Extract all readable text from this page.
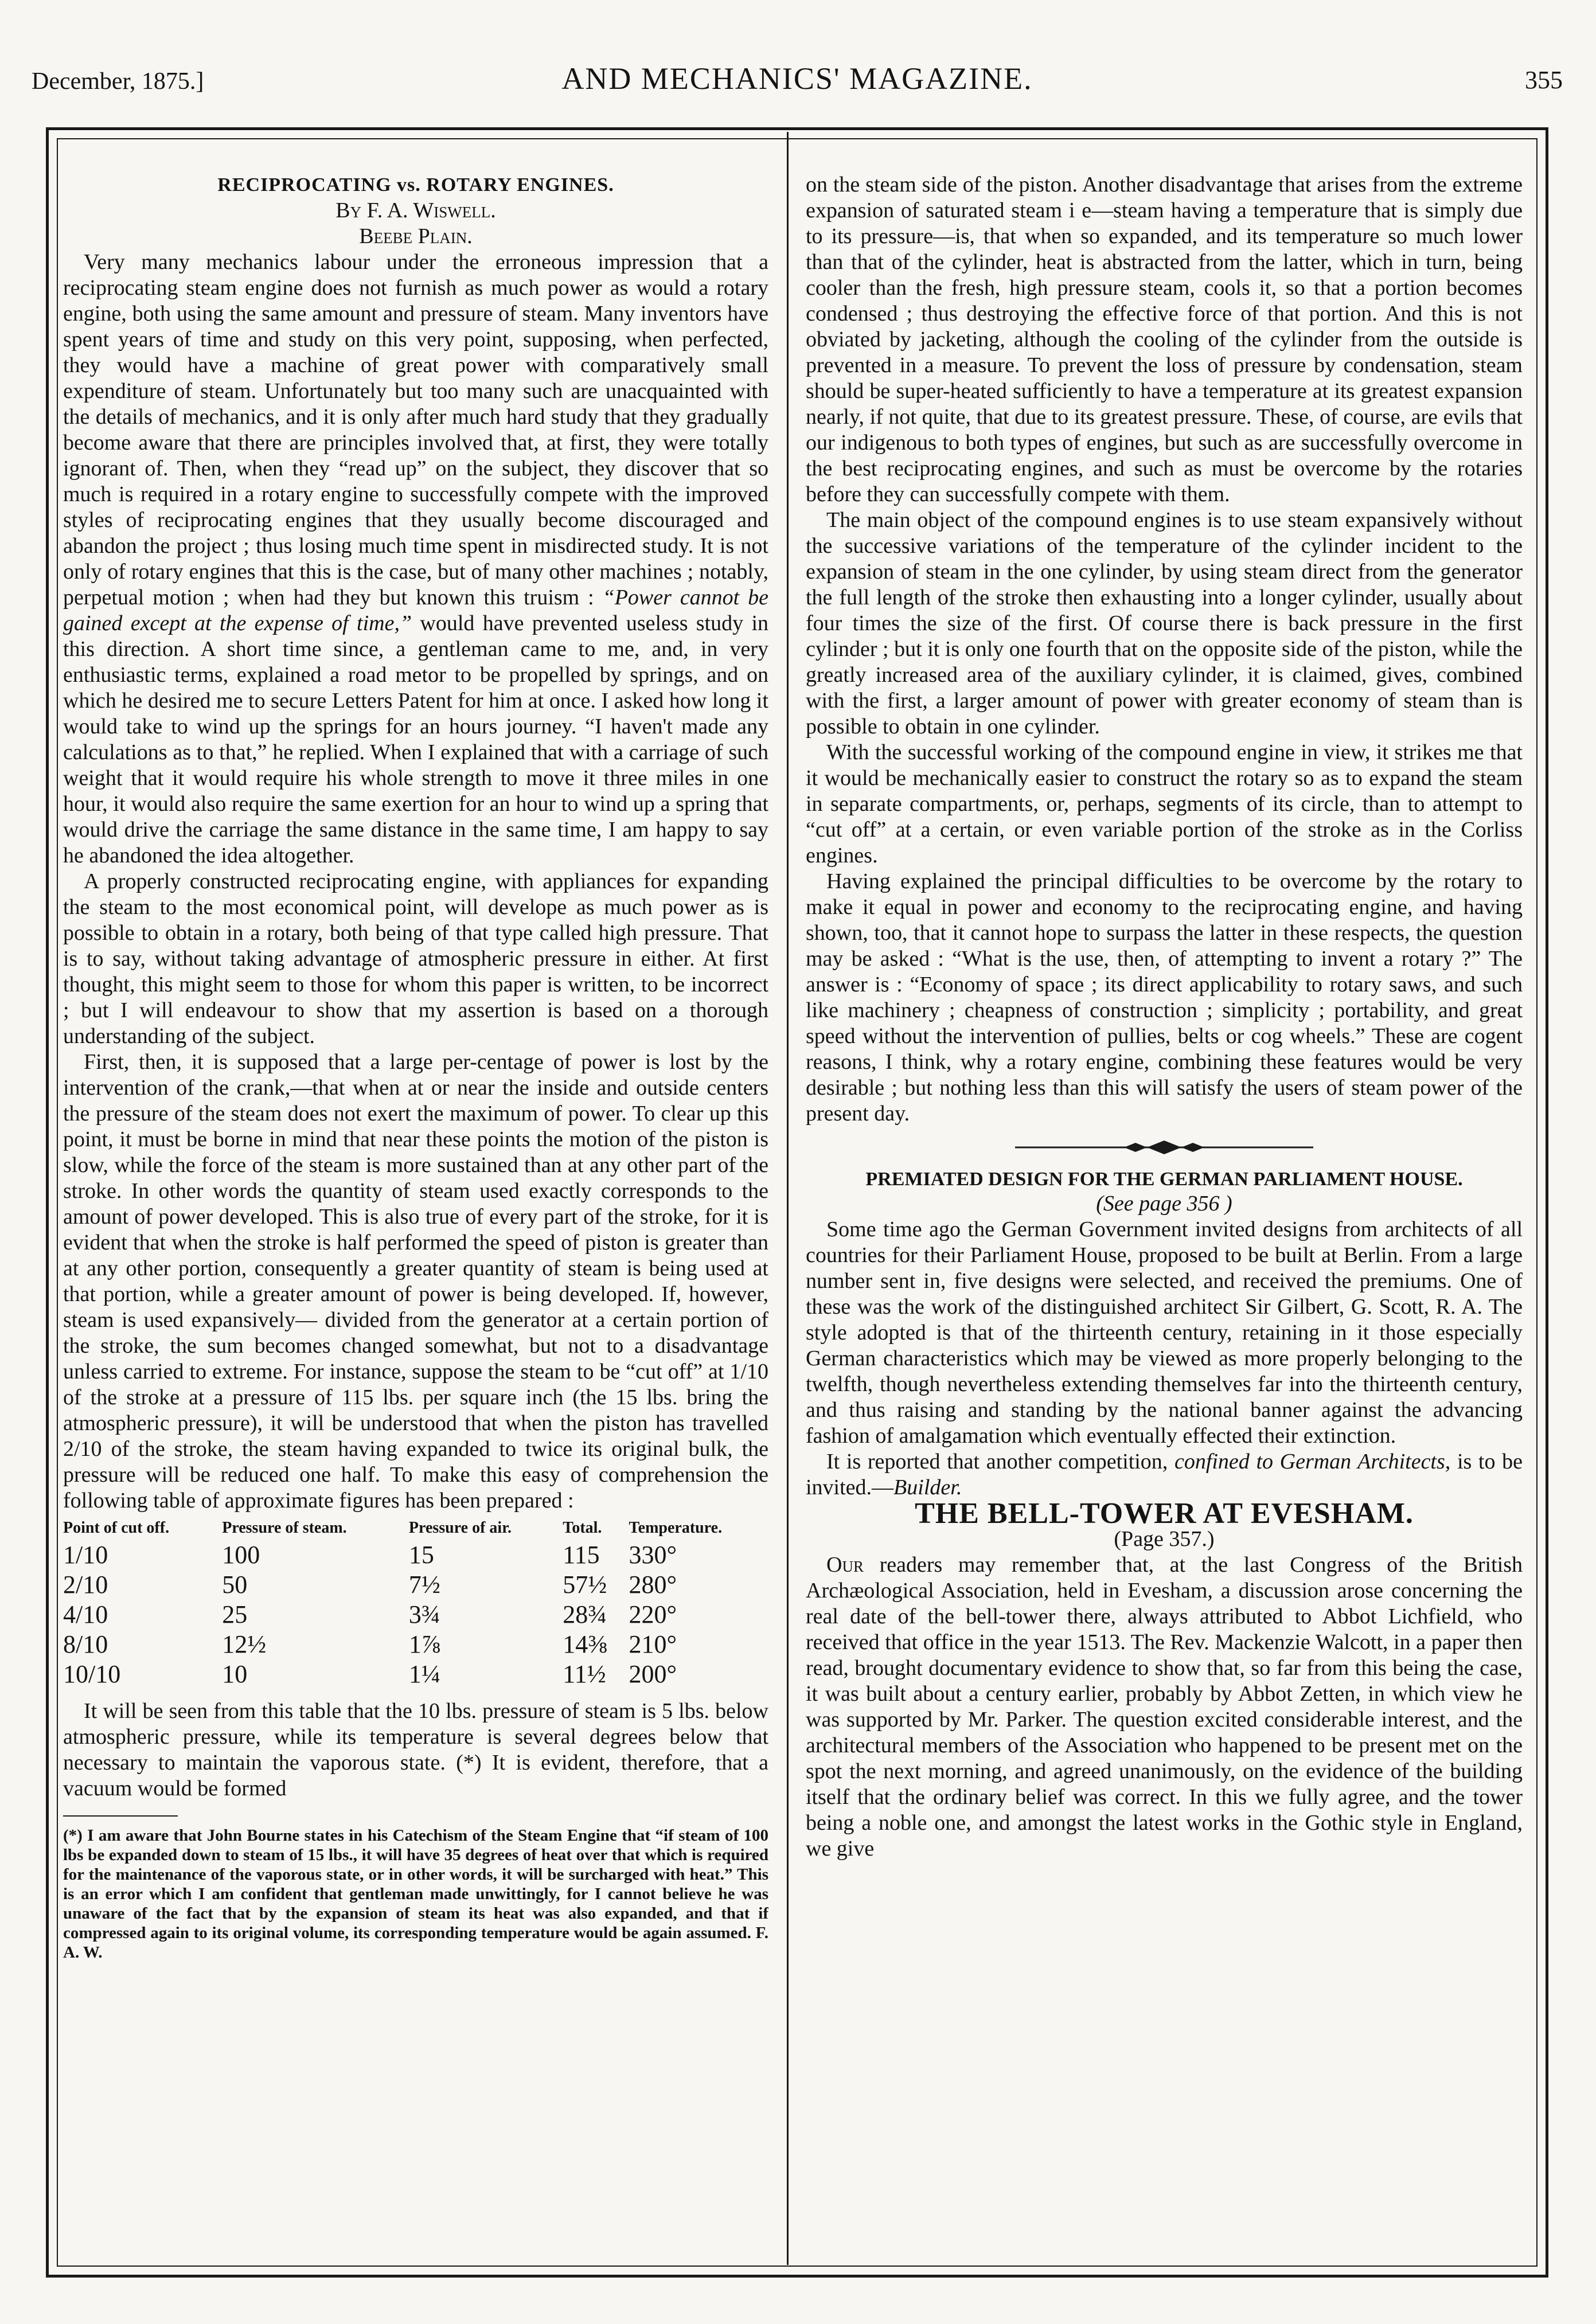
December, 1875.]	AND MECHANICS' MAGAZINE.	355

RECIPROCATING vs. ROTARY ENGINES.

By F. A. Wiswell.

Beebe Plain.

Very many mechanics labour under the erroneous impression that a reciprocating steam engine does not furnish as much power as would a rotary engine, both using the same amount and pressure of steam. Many inventors have spent years of time and study on this very point, supposing, when perfected, they would have a machine of great power with comparatively small expenditure of steam. Unfortunately but too many such are unacquainted with the details of mechanics, and it is only after much hard study that they gradually become aware that there are principles involved that, at first, they were totally ignorant of. Then, when they “read up” on the subject, they discover that so much is required in a rotary engine to successfully compete with the improved styles of reciprocating engines that they usually become discouraged and abandon the project ; thus losing much time spent in misdirected study. It is not only of rotary engines that this is the case, but of many other machines ; notably, perpetual motion ; when had they but known this truism : “Power cannot be gained except at the expense of time,” would have prevented useless study in this direction. A short time since, a gentleman came to me, and, in very enthusiastic terms, explained a road metor to be propelled by springs, and on which he desired me to secure Letters Patent for him at once. I asked how long it would take to wind up the springs for an hours journey. “I haven't made any calculations as to that,” he replied. When I explained that with a carriage of such weight that it would require his whole strength to move it three miles in one hour, it would also require the same exertion for an hour to wind up a spring that would drive the carriage the same distance in the same time, I am happy to say he abandoned the idea altogether.

A properly constructed reciprocating engine, with appliances for expanding the steam to the most economical point, will develope as much power as is possible to obtain in a rotary, both being of that type called high pressure. That is to say, without taking advantage of atmospheric pressure in either. At first thought, this might seem to those for whom this paper is written, to be incorrect ; but I will endeavour to show that my assertion is based on a thorough understanding of the subject.

First, then, it is supposed that a large per-centage of power is lost by the intervention of the crank,—that when at or near the inside and outside centers the pressure of the steam does not exert the maximum of power. To clear up this point, it must be borne in mind that near these points the motion of the piston is slow, while the force of the steam is more sustained than at any other part of the stroke. In other words the quantity of steam used exactly corresponds to the amount of power developed. This is also true of every part of the stroke, for it is evident that when the stroke is half performed the speed of piston is greater than at any other portion, consequently a greater quantity of steam is being used at that portion, while a greater amount of power is being developed. If, however, steam is used expansively— divided from the generator at a certain portion of the stroke, the sum becomes changed somewhat, but not to a disadvantage unless carried to extreme. For instance, suppose the steam to be “cut off” at 1/10 of the stroke at a pressure of 115 lbs. per square inch (the 15 lbs. bring the atmospheric pressure), it will be understood that when the piston has travelled 2/10 of the stroke, the steam having expanded to twice its original bulk, the pressure will be reduced one half. To make this easy of comprehension the following table of approximate figures has been prepared :

Point of cut off.	Pressure of steam.	Pressure of air.	Total.	Temperature.
1/10	100	15	115	330°
2/10	50	7½	57½	280°
4/10	25	3¾	28¾	220°
8/10	12½	1⅞	14⅜	210°
10/10	10	1¼	11½	200°

It will be seen from this table that the 10 lbs. pressure of steam is 5 lbs. below atmospheric pressure, while its temperature is several degrees below that necessary to maintain the vaporous state. (*) It is evident, therefore, that a vacuum would be formed

(*) I am aware that John Bourne states in his Catechism of the Steam Engine that “if steam of 100 lbs be expanded down to steam of 15 lbs., it will have 35 degrees of heat over that which is required for the maintenance of the vaporous state, or in other words, it will be surcharged with heat.” This is an error which I am confident that gentleman made unwittingly, for I cannot believe he was unaware of the fact that by the expansion of steam its heat was also expanded, and that if compressed again to its original volume, its corresponding temperature would be again assumed. F. A. W.

on the steam side of the piston. Another disadvantage that arises from the extreme expansion of saturated steam i e—steam having a temperature that is simply due to its pressure—is, that when so expanded, and its temperature so much lower than that of the cylinder, heat is abstracted from the latter, which in turn, being cooler than the fresh, high pressure steam, cools it, so that a portion becomes condensed ; thus destroying the effective force of that portion. And this is not obviated by jacketing, although the cooling of the cylinder from the outside is prevented in a measure. To prevent the loss of pressure by condensation, steam should be super-heated sufficiently to have a temperature at its greatest expansion nearly, if not quite, that due to its greatest pressure. These, of course, are evils that our indigenous to both types of engines, but such as are successfully overcome in the best reciprocating engines, and such as must be overcome by the rotaries before they can successfully compete with them.

The main object of the compound engines is to use steam expansively without the successive variations of the temperature of the cylinder incident to the expansion of steam in the one cylinder, by using steam direct from the generator the full length of the stroke then exhausting into a longer cylinder, usually about four times the size of the first. Of course there is back pressure in the first cylinder ; but it is only one fourth that on the opposite side of the piston, while the greatly increased area of the auxiliary cylinder, it is claimed, gives, combined with the first, a larger amount of power with greater economy of steam than is possible to obtain in one cylinder.

With the successful working of the compound engine in view, it strikes me that it would be mechanically easier to construct the rotary so as to expand the steam in separate compartments, or, perhaps, segments of its circle, than to attempt to “cut off” at a certain, or even variable portion of the stroke as in the Corliss engines.

Having explained the principal difficulties to be overcome by the rotary to make it equal in power and economy to the reciprocating engine, and having shown, too, that it cannot hope to surpass the latter in these respects, the question may be asked : “What is the use, then, of attempting to invent a rotary ?” The answer is : “Economy of space ; its direct applicability to rotary saws, and such like machinery ; cheapness of construction ; simplicity ; portability, and great speed without the intervention of pullies, belts or cog wheels.” These are cogent reasons, I think, why a rotary engine, combining these features would be very desirable ; but nothing less than this will satisfy the users of steam power of the present day.

PREMIATED DESIGN FOR THE GERMAN PARLIAMENT HOUSE.

(See page 356 )

Some time ago the German Government invited designs from architects of all countries for their Parliament House, proposed to be built at Berlin. From a large number sent in, five designs were selected, and received the premiums. One of these was the work of the distinguished architect Sir Gilbert, G. Scott, R. A. The style adopted is that of the thirteenth century, retaining in it those especially German characteristics which may be viewed as more properly belonging to the twelfth, though nevertheless extending themselves far into the thirteenth century, and thus raising and standing by the national banner against the advancing fashion of amalgamation which eventually effected their extinction.

It is reported that another competition, confined to German Architects, is to be invited.—Builder.

THE BELL-TOWER AT EVESHAM.

(Page 357.)

Our readers may remember that, at the last Congress of the British Archæological Association, held in Evesham, a discussion arose concerning the real date of the bell-tower there, always attributed to Abbot Lichfield, who received that office in the year 1513. The Rev. Mackenzie Walcott, in a paper then read, brought documentary evidence to show that, so far from this being the case, it was built about a century earlier, probably by Abbot Zetten, in which view he was supported by Mr. Parker. The question excited considerable interest, and the architectural members of the Association who happened to be present met on the spot the next morning, and agreed unanimously, on the evidence of the building itself that the ordinary belief was correct. In this we fully agree, and the tower being a noble one, and amongst the latest works in the Gothic style in England, we give
